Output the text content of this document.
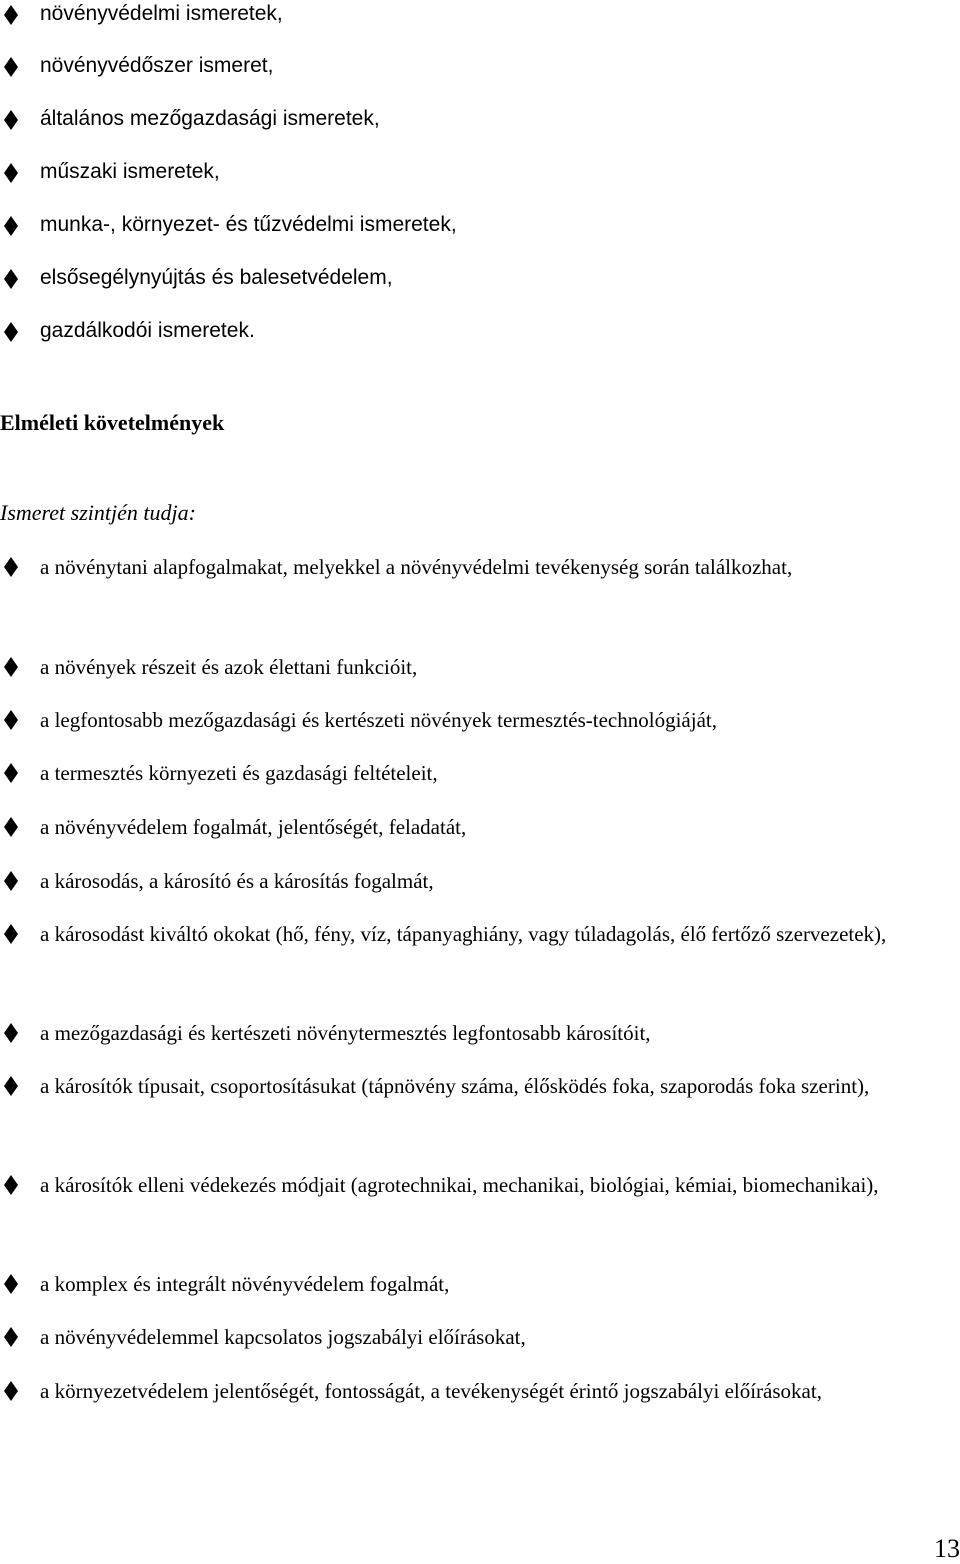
növényvédelmi ismeretek,
növényvédőszer ismeret,
általános mezőgazdasági ismeretek,
műszaki ismeretek,
munka-, környezet- és tűzvédelmi ismeretek,
elsősegélynyújtás és balesetvédelem,
gazdálkodói ismeretek.
Elméleti követelmények
Ismeret szintjén tudja:
a növénytani alapfogalmakat, melyekkel a növényvédelmi tevékenység során találkozhat,
a növények részeit és azok élettani funkcióit,
a legfontosabb mezőgazdasági és kertészeti növények termesztés-technológiáját,
a termesztés környezeti és gazdasági feltételeit,
a növényvédelem fogalmát, jelentőségét, feladatát,
a károsodás, a károsító és a károsítás fogalmát,
a károsodást kiváltó okokat (hő, fény, víz, tápanyaghiány, vagy túladagolás, élő fertőző szervezetek),
a mezőgazdasági és kertészeti növénytermesztés legfontosabb károsítóit,
a károsítók típusait, csoportosításukat (tápnövény száma, élősködés foka, szaporodás foka szerint),
a károsítók elleni védekezés módjait (agrotechnikai, mechanikai, biológiai, kémiai, biomechanikai),
a komplex és integrált növényvédelem fogalmát,
a növényvédelemmel kapcsolatos jogszabályi előírásokat,
a környezetvédelem jelentőségét, fontosságát, a tevékenységét érintő jogszabályi előírásokat,
13
